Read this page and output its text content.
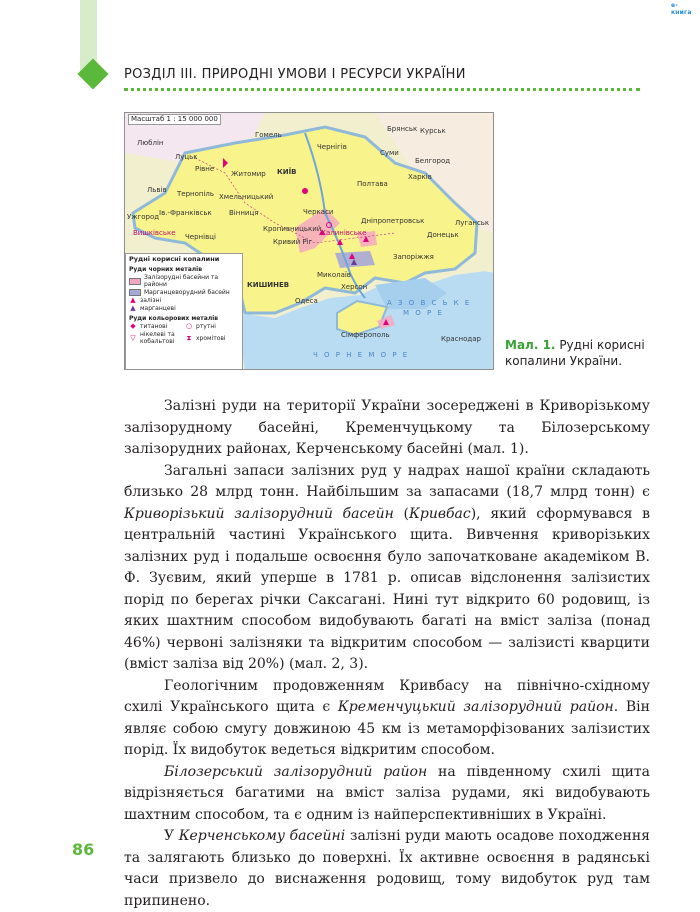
e-книга
РОЗДІЛ ІІІ. ПРИРОДНІ УМОВИ І РЕСУРСИ УКРАЇНИ
Масштаб 1 : 15 000 000
Люблін
Гомель
Брянськ Курськ
Луцьк
Рівне
Чернігів
Суми
Белгород
Житомир КИЇВ
Львів Тернопіль Хмельницький
Харків
Полтава
Вінниця
Ужгород Ів.-Франківськ	Черкаси
Кропивницький
Дніпропетровськ
Донецьк
Луганськ
Чернівці
Кривий Ріг
Запоріжжя
Миколаїв
Херсон
Одеса
КИШИНЕВ
Сімферополь	Краснодар
Калинівське
Вишківське
А З О В С Ь К Е
М О Р Е
Ч О Р Н Е М О Р Е
Рудні корисні копалини
Руди чорних металів
Залізорудні басейни та райони
Марганцеворудний басейн
▲ залізні
▲ марганцеві
Руди кольорових металів
◆ титанові	○ ртутні
▽ нікелеві та кобальтові	⧗ хромітові	Мал. 1. Рудні корисні копалини України.

Залізні руди на території України зосереджені в Криворізькому залізорудному басейні, Кременчуцькому та Білозерському залізорудних районах, Керченському басейні (мал. 1).

Загальні запаси залізних руд у надрах нашої країни складають близько 28 млрд тонн. Найбільшим за запасами (18,7 млрд тонн) є Криворізький залізорудний басейн (Кривбас), який сформувався в центральній частині Українського щита. Вивчення криворізьких залізних руд і подальше освоєння було започатковане академіком В. Ф. Зуєвим, який уперше в 1781 р. описав відслонення залізистих порід по берегах річки Саксагані. Нині тут відкрито 60 родовищ, із яких шахтним способом видобувають багаті на вміст заліза (понад 46%) червоні залізняки та відкритим способом — залізисті кварцити (вміст заліза від 20%) (мал. 2, 3).

Геологічним продовженням Кривбасу на північно-східному схилі Українського щита є Кременчуцький залізорудний район. Він являє собою смугу довжиною 45 км із метаморфізованих залізистих порід. Їх видобуток ведеться відкритим способом.

Білозерський залізорудний район на південному схилі щита відрізняється багатими на вміст заліза рудами, які видобувають шахтним способом, та є одним із найперспективніших в Україні.

У Керченському басейні залізні руди мають осадове походження та залягають близько до поверхні. Їх активне освоєння в радянські часи призвело до виснаження родовищ, тому видобуток руд там припинено.

86
